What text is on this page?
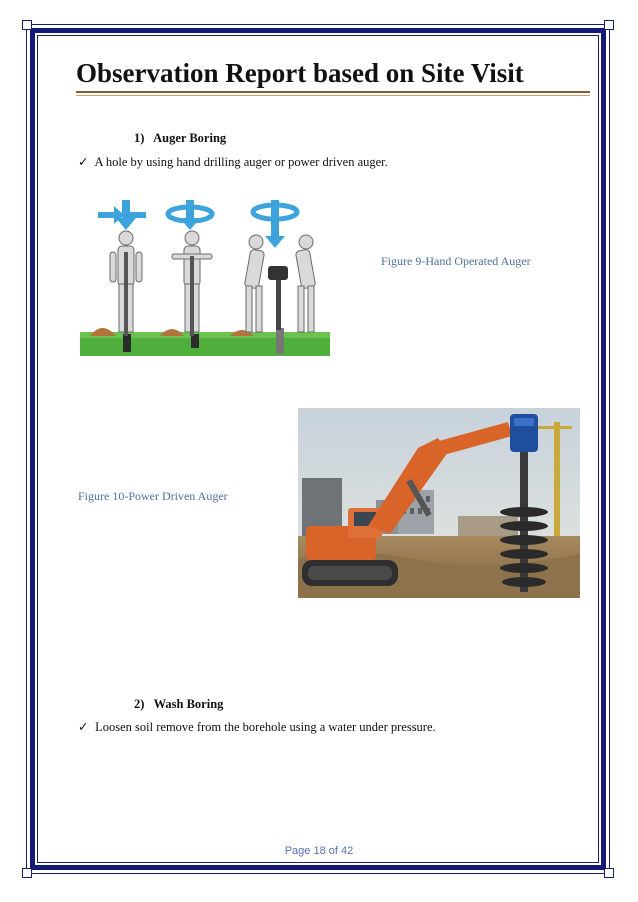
Observation Report based on Site Visit
1) Auger Boring
✓ A hole by using hand drilling auger or power driven auger.
Figure 9-Hand Operated Auger
Figure 10-Power Driven Auger
2) Wash Boring
✓ Loosen soil remove from the borehole using a water under pressure.
Page 18 of 42
